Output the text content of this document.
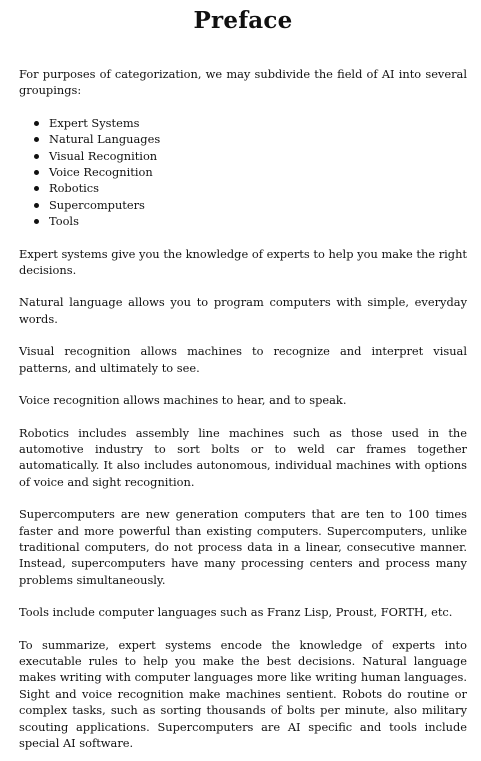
Preface

For purposes of categorization, we may subdivide the field of AI into several groupings:

Expert Systems
Natural Languages
Visual Recognition
Voice Recognition
Robotics
Supercomputers
Tools

Expert systems give you the knowledge of experts to help you make the right decisions.

Natural language allows you to program computers with simple, everyday words.

Visual recognition allows machines to recognize and interpret visual patterns, and ultimately to see.

Voice recognition allows machines to hear, and to speak.

Robotics includes assembly line machines such as those used in the automotive industry to sort bolts or to weld car frames together automatically. It also includes autonomous, individual machines with options of voice and sight recognition.

Supercomputers are new generation computers that are ten to 100 times faster and more powerful than existing computers. Supercomputers, unlike traditional computers, do not process data in a linear, consecutive manner. Instead, supercomputers have many processing centers and process many problems simultaneously.

Tools include computer languages such as Franz Lisp, Proust, FORTH, etc.

To summarize, expert systems encode the knowledge of experts into executable rules to help you make the best decisions. Natural language makes writing with computer languages more like writing human languages. Sight and voice recognition make machines sentient. Robots do routine or complex tasks, such as sorting thousands of bolts per minute, also military scouting applications. Supercomputers are AI specific and tools include special AI software.
